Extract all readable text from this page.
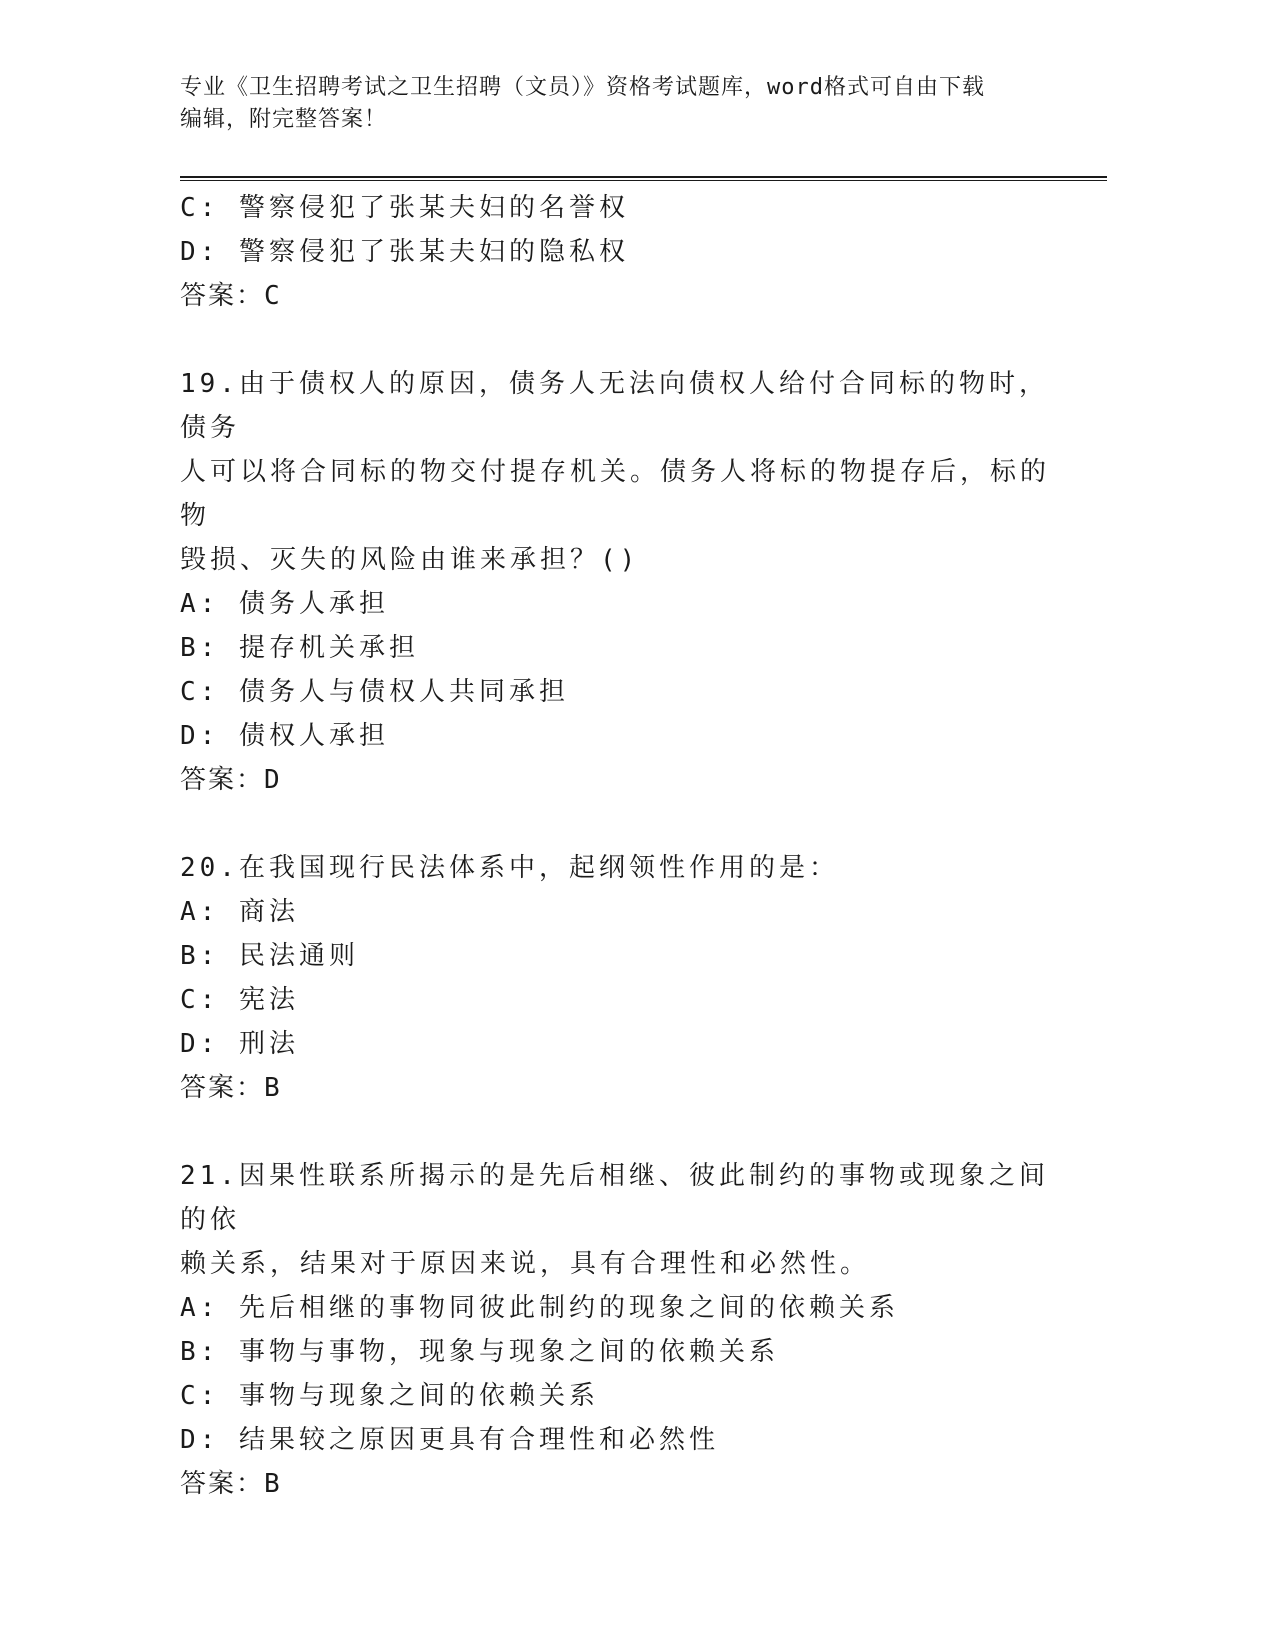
专业《卫生招聘考试之卫生招聘（文员）》资格考试题库，word格式可自由下载
编辑，附完整答案！
C: 警察侵犯了张某夫妇的名誉权
D: 警察侵犯了张某夫妇的隐私权
答案：C
19.由于债权人的原因，债务人无法向债权人给付合同标的物时，债务
人可以将合同标的物交付提存机关。债务人将标的物提存后，标的物
毁损、灭失的风险由谁来承担？()
A: 债务人承担
B: 提存机关承担
C: 债务人与债权人共同承担
D: 债权人承担
答案：D
20.在我国现行民法体系中，起纲领性作用的是：
A: 商法
B: 民法通则
C: 宪法
D: 刑法
答案：B
21.因果性联系所揭示的是先后相继、彼此制约的事物或现象之间的依
赖关系，结果对于原因来说，具有合理性和必然性。
A: 先后相继的事物同彼此制约的现象之间的依赖关系
B: 事物与事物，现象与现象之间的依赖关系
C: 事物与现象之间的依赖关系
D: 结果较之原因更具有合理性和必然性
答案：B
